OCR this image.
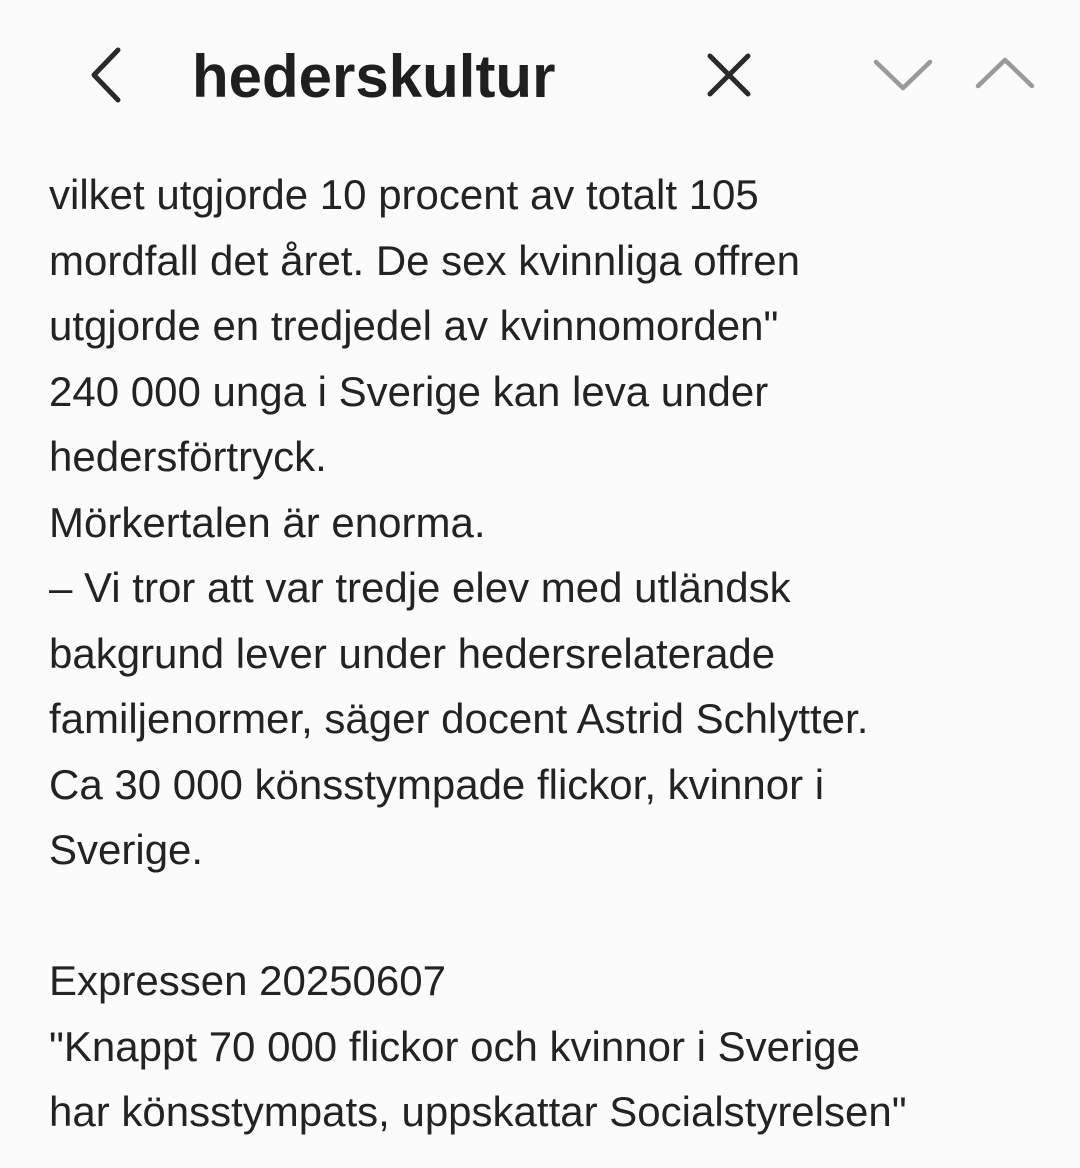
hederskultur
vilket utgjorde 10 procent av totalt 105
mordfall det året. De sex kvinnliga offren
utgjorde en tredjedel av kvinnomorden"
240 000 unga i Sverige kan leva under
hedersförtryck.
Mörkertalen är enorma.
– Vi tror att var tredje elev med utländsk
bakgrund lever under hedersrelaterade
familjenormer, säger docent Astrid Schlytter.
Ca 30 000 könsstympade flickor, kvinnor i
Sverige.
Expressen 20250607
"Knappt 70 000 flickor och kvinnor i Sverige
har könsstympats, uppskattar Socialstyrelsen"
